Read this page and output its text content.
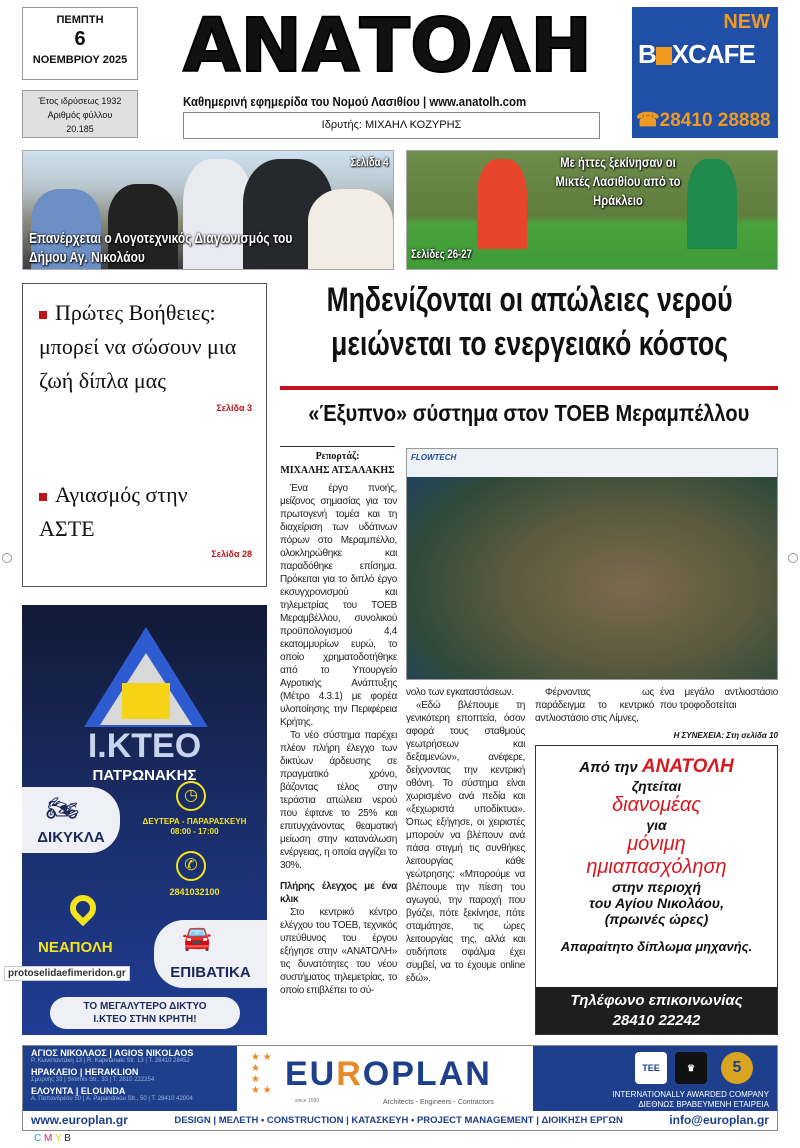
ΠΕΜΠΤΗ
6
ΝΟΕΜΒΡΙΟΥ 2025
Έτος ιδρύσεως 1932
Αριθμός φύλλου
20.185
ΑΝΑΤΟΛΗ
Καθημερινή εφημερίδα του Νομού Λασιθίου | www.anatolh.com
Ιδρυτής: ΜΙΧΑΗΛ ΚΟΖΥΡΗΣ
NEW
B XCAFE
☎28410 28888
Σελίδα 4
Επανέρχεται ο Λογοτεχνικός Διαγωνισμός του Δήμου Αγ. Νικολάου
Με ήττες ξεκίνησαν οι Μικτές Λασιθίου από το Ηράκλειο
Σελίδες 26-27
Πρώτες Βοήθειες: μπορεί να σώσουν μια ζωή δίπλα μας
Σελίδα 3
Αγιασμός στην ΑΣΤΕ
Σελίδα 28
Μηδενίζονται οι απώλειες νερού μειώνεται το ενεργειακό κόστος
«Έξυπνο» σύστημα στον ΤΟΕΒ Μεραμπέλλου
Ρεπορτάζ:
ΜΙΧΑΛΗΣ ΑΤΣΑΛΑΚΗΣ

Ένα έργο πνοής, μείζονος σημασίας για τον πρωτογενή τομέα και τη διαχείριση των υδάτινων πόρων στο Μεραμπέλλο, ολοκληρώθηκε και παραδόθηκε επίσημα. Πρόκειται για το διπλό έργο εκσυγχρονισμού και τηλεμετρίας του ΤΟΕΒ Μεραμβέλλου, συνολικού προϋπολογισμού 4,4 εκατομμυρίων ευρώ, το οποίο χρηματοδοτήθηκε από το Υπουργείο Αγροτικής Ανάπτυξης (Μέτρο 4.3.1) με φορέα υλοποίησης την Περιφέρεια Κρήτης.

Το νέο σύστημα παρέχει πλέον πλήρη έλεγχο των δικτύων άρδευσης σε πραγματικό χρόνο, βάζοντας τέλος στην τεράστια απώλεια νερού που έφτανε το 25% και επιτυγχάνοντας θεαματική μείωση στην κατανάλωση ενέργειας, η οποία αγγίζει το 30%.

Πλήρης έλεγχος με ένα κλικ

Στο κεντρικό κέντρο ελέγχου του ΤΟΕΒ, τεχνικός υπεύθυνος του έργου εξήγησε στην «ΑΝΑΤΟΛΗ» τις δυνατότητες του νέου συστήματος τηλεμετρίας, το οποίο επιβλέπει το σύ-

FLOWTECH

νολο των εγκαταστάσεων.

«Εδώ βλέπουμε τη γενικότερη εποπτεία, όσον αφορά τους σταθμούς γεωτρήσεων και δεξαμενών», ανέφερε, δείχνοντας την κεντρική οθόνη. Το σύστημα είναι χωρισμένο ανά πεδία και «ξεχωριστά υποδίκτυα». Όπως εξήγησε, οι χειριστές μπορούν να βλέπουν ανά πάσα στιγμή τις συνθήκες λειτουργίας κάθε γεώτρησης: «Μπορούμε να βλέπουμε την πίεση του αγωγού, την παροχή που βγάζει, πότε ξεκίνησε, πότε σταμάτησε, τις ώρες λειτουργίας της, αλλά και οτιδήποτε σφάλμα έχει συμβεί, να το έχουμε online εδώ».

Φέρνοντας ως παράδειγμα το κεντρικό αντλιοστάσιο στις Λίμνες,

ένα μεγάλο αντλιοστάσιο που τροφοδοτείται

Η ΣΥΝΕΧΕΙΑ: Στη σελίδα 10
Από την ΑΝΑΤΟΛΗ
ζητείται
διανομέας
για
μόνιμη
ημιαπασχόληση
στην περιοχή
του Αγίου Νικολάου,
(πρωινές ώρες)
Απαραίτητο δίπλωμα μηχανής.
Τηλέφωνο επικοινωνίας
28410 22242
Ι.ΚΤΕΟ
ΠΑΤΡΩΝΑΚΗΣ
ΔΙΚΥΚΛΑ
🏍	◷
ΔΕΥΤΕΡΑ - ΠΑΡΑΡΑΣΚΕΥΗ
08:00 - 17:00
✆
2841032100
ΝΕΑΠΟΛΗ
ΕΠΙΒΑΤΙΚΑ
🚘
ΤΟ ΜΕΓΑΛΥΤΕΡΟ ΔΙΚΤΥΟ
Ι.ΚΤΕΟ ΣΤΗΝ ΚΡΗΤΗ!
protoselidaefimeridon.gr
ΑΓΙΟΣ ΝΙΚΟΛΑΟΣ | AGIOS NIKOLAOS
Ρ. Κωνσταντάκη 13 | R. Kapetanaki Str. 13 | T. 28410 28452
ΗΡΑΚΛΕΙΟ | HERAKLION
Σμύρνης 33 | Smirnis Str., 33 | T. 2810 222254
ΕΛΟΥΝΤΑ | ELOUNDA
Α. Παπανδρέου 50 | A. Papandreou Str., 50 | T. 28410 42004
★ ★
★
★
★ ★ EUROPLAN
since 1990	Architects - Engineers - Contractors
ΤΕΕ	♛	5
INTERNATIONALLY AWARDED COMPANY
ΔΙΕΘΝΩΣ ΒΡΑΒΕΥΜΕΝΗ ΕΤΑΙΡΕΙΑ
www.europlan.gr	DESIGN | ΜΕΛΕΤΗ • CONSTRUCTION | ΚΑΤΑΣΚΕΥΗ • PROJECT MANAGEMENT | ΔΙΟΙΚΗΣΗ ΕΡΓΩΝ	info@europlan.gr
C M Y B
